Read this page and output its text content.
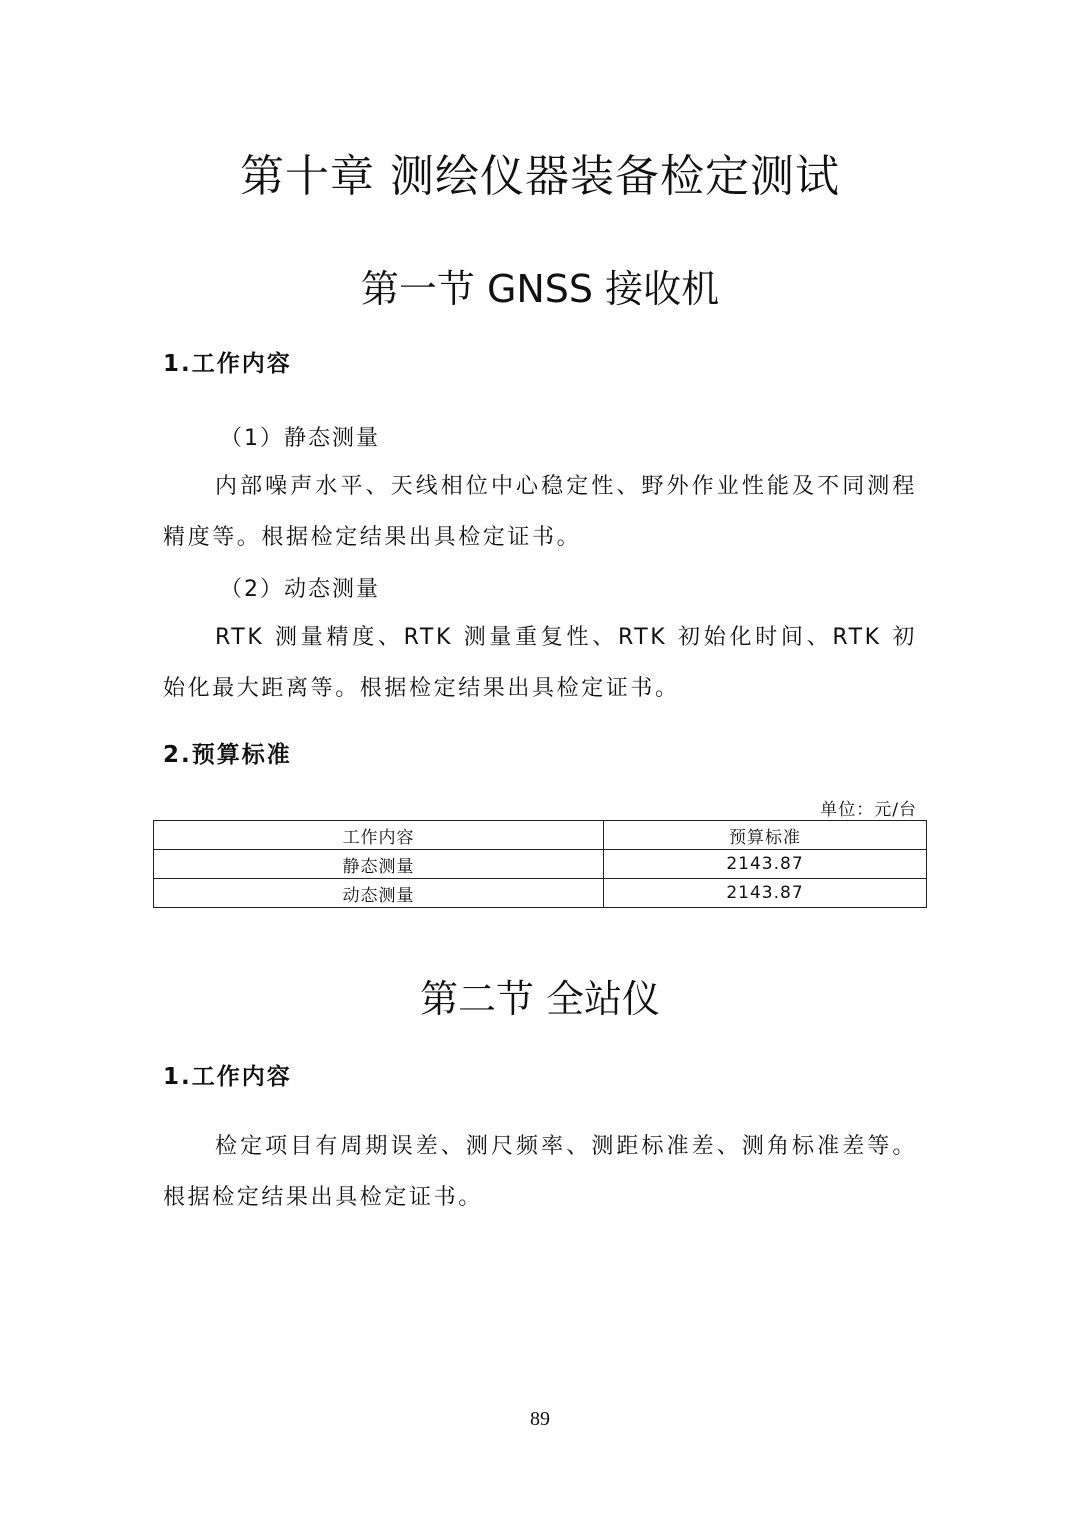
第十章 测绘仪器装备检定测试
第一节 GNSS 接收机
1.工作内容
（1）静态测量

内部噪声水平、天线相位中心稳定性、野外作业性能及不同测程精度等。根据检定结果出具检定证书。

（2）动态测量

RTK 测量精度、RTK 测量重复性、RTK 初始化时间、RTK 初始化最大距离等。根据检定结果出具检定证书。

2.预算标准
单位：元/台
工作内容	预算标准
静态测量	2143.87
动态测量	2143.87
第二节 全站仪
1.工作内容

检定项目有周期误差、测尺频率、测距标准差、测角标准差等。根据检定结果出具检定证书。

89
